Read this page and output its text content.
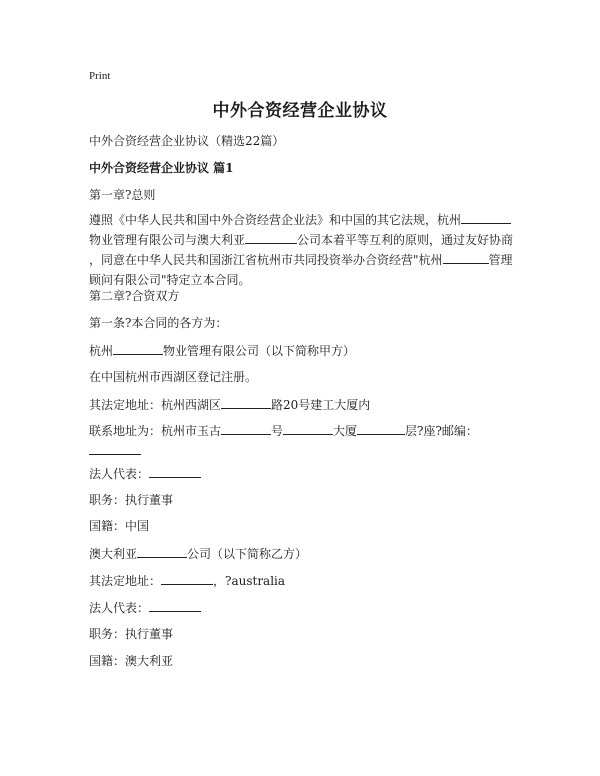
Print
中外合资经营企业协议
中外合资经营企业协议（精选22篇）
中外合资经营企业协议 篇1
第一章?总则
遵照《中华人民共和国中外合资经营企业法》和中国的其它法规，杭州
物业管理有限公司与澳大利亚	公司本着平等互利的原则，通过友好协商
，同意在中华人民共和国浙江省杭州市共同投资举办合资经营"杭州	管理
顾问有限公司"特定立本合同。
第二章?合资双方
第一条?本合同的各方为：
杭州	物业管理有限公司（以下简称甲方）
在中国杭州市西湖区登记注册。
其法定地址：杭州西湖区	路20号建工大厦内
联系地址为：杭州市玉古	号	大厦	层?座?邮编：
法人代表：
职务：执行董事
国籍：中国
澳大利亚	公司（以下简称乙方）
其法定地址：	，?australia
法人代表：
职务：执行董事
国籍：澳大利亚
